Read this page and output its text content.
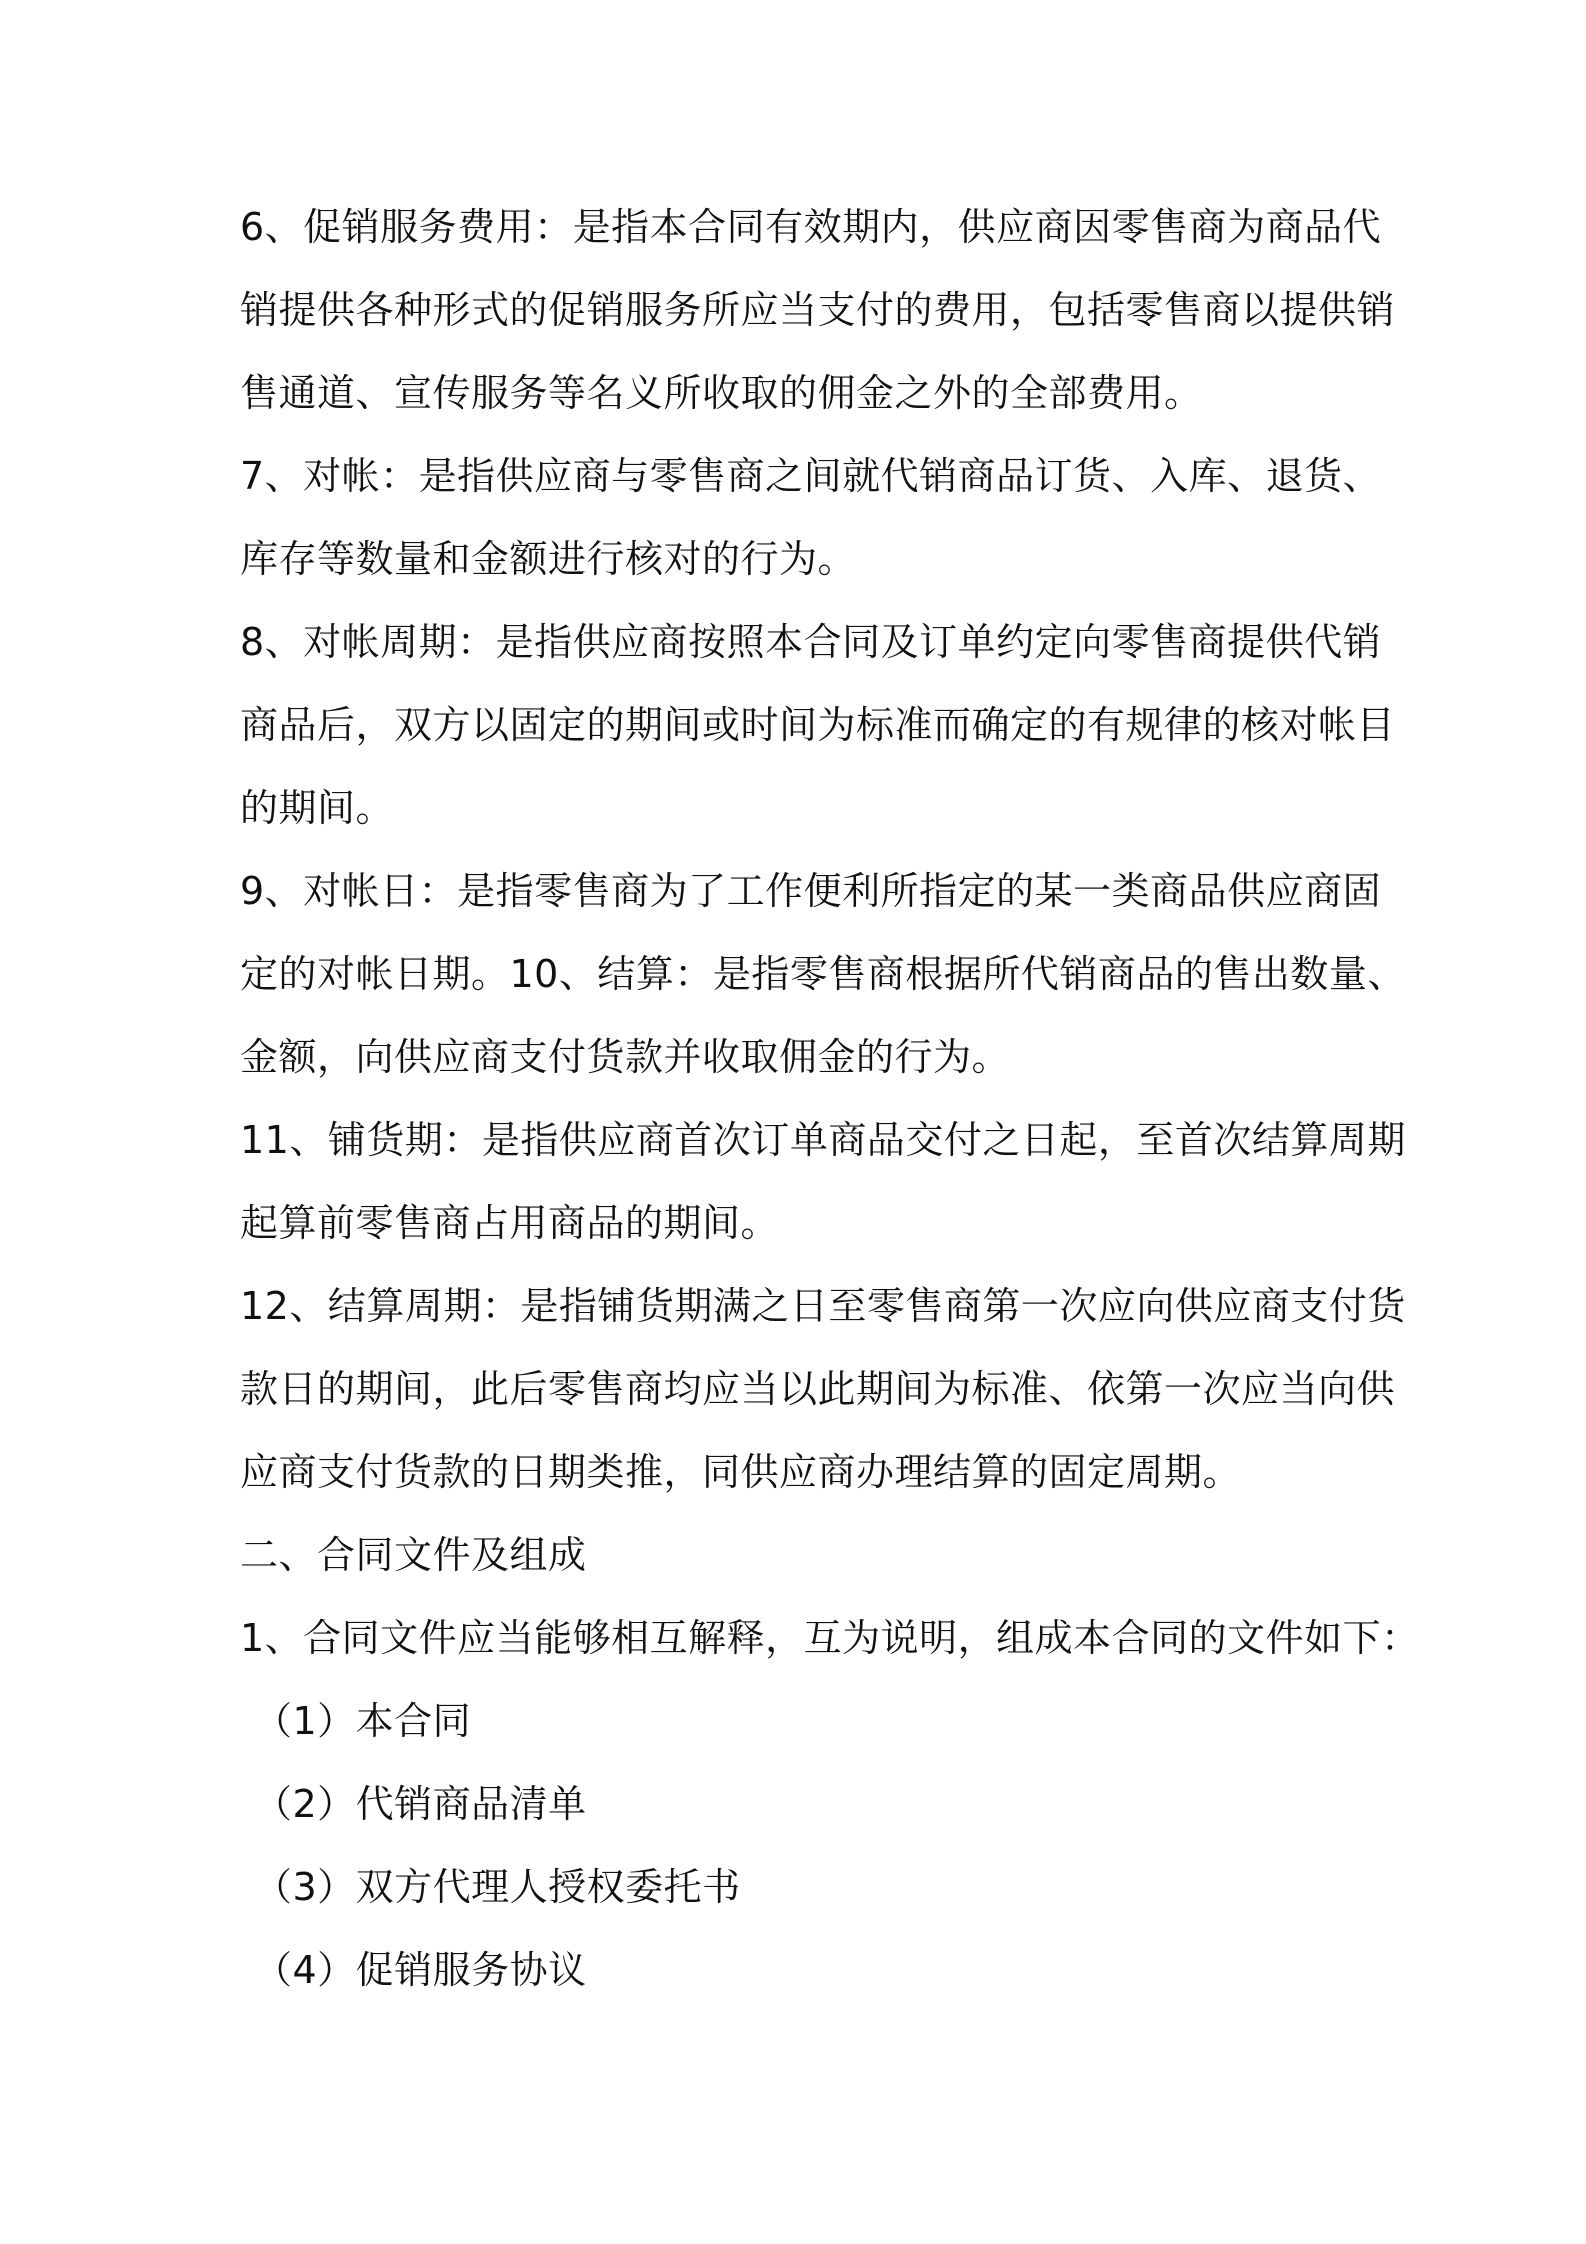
6、促销服务费用：是指本合同有效期内，供应商因零售商为商品代
销提供各种形式的促销服务所应当支付的费用，包括零售商以提供销
售通道、宣传服务等名义所收取的佣金之外的全部费用。

7、对帐：是指供应商与零售商之间就代销商品订货、入库、退货、
库存等数量和金额进行核对的行为。

8、对帐周期：是指供应商按照本合同及订单约定向零售商提供代销
商品后，双方以固定的期间或时间为标准而确定的有规律的核对帐目
的期间。

9、对帐日：是指零售商为了工作便利所指定的某一类商品供应商固
定的对帐日期。10、结算：是指零售商根据所代销商品的售出数量、
金额，向供应商支付货款并收取佣金的行为。

11、铺货期：是指供应商首次订单商品交付之日起，至首次结算周期
起算前零售商占用商品的期间。

12、结算周期：是指铺货期满之日至零售商第一次应向供应商支付货
款日的期间，此后零售商均应当以此期间为标准、依第一次应当向供
应商支付货款的日期类推，同供应商办理结算的固定周期。

二、合同文件及组成

1、合同文件应当能够相互解释，互为说明，组成本合同的文件如下：

（1）本合同

（2）代销商品清单

（3）双方代理人授权委托书

（4）促销服务协议
